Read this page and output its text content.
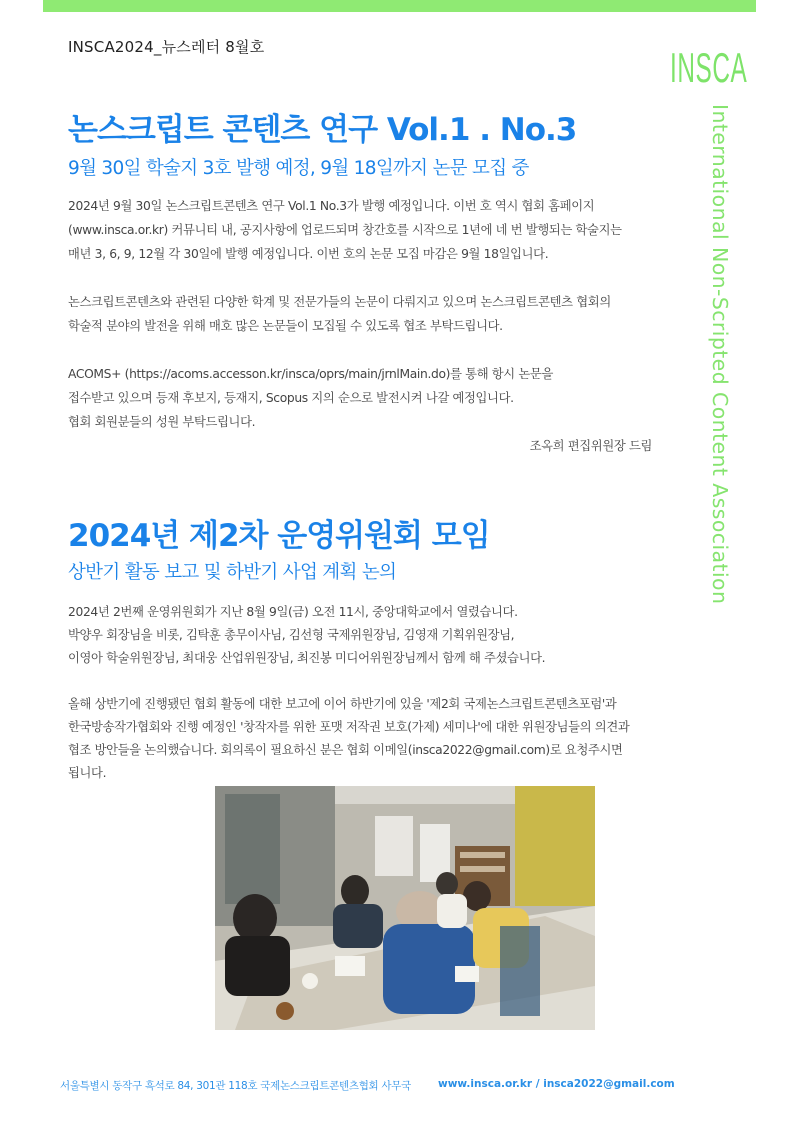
INSCA2024_뉴스레터 8월호	INSCA
International Non-Scripted Content Association
논스크립트 콘텐츠 연구 Vol.1 . No.3
9월 30일 학술지 3호 발행 예정, 9월 18일까지 논문 모집 중
2024년 9월 30일 논스크립트콘텐츠 연구 Vol.1 No.3가 발행 예정입니다. 이번 호 역시 협회 홈페이지
(www.insca.or.kr) 커뮤니티 내, 공지사항에 업로드되며 창간호를 시작으로 1년에 네 번 발행되는 학술지는
매년 3, 6, 9, 12월 각 30일에 발행 예정입니다. 이번 호의 논문 모집 마감은 9월 18일입니다.
논스크립트콘텐츠와 관련된 다양한 학계 및 전문가들의 논문이 다뤄지고 있으며 논스크립트콘텐츠 협회의
학술적 분야의 발전을 위해 매호 많은 논문들이 모집될 수 있도록 협조 부탁드립니다.
ACOMS+ (https://acoms.accesson.kr/insca/oprs/main/jrnlMain.do)를 통해 항시 논문을
접수받고 있으며 등재 후보지, 등재지, Scopus 지의 순으로 발전시켜 나갈 예정입니다.
협회 회원분들의 성원 부탁드립니다.
조옥희 편집위원장 드림
2024년 제2차 운영위원회 모임
상반기 활동 보고 및 하반기 사업 계획 논의
2024년 2번째 운영위원회가 지난 8월 9일(금) 오전 11시, 중앙대학교에서 열렸습니다.
박양우 회장님을 비롯, 김탁훈 총무이사님, 김선형 국제위원장님, 김영재 기획위원장님,
이영아 학술위원장님, 최대웅 산업위원장님, 최진봉 미디어위원장님께서 함께 해 주셨습니다.
올해 상반기에 진행됐던 협회 활동에 대한 보고에 이어 하반기에 있을 '제2회 국제논스크립트콘텐츠포럼'과
한국방송작가협회와 진행 예정인 '창작자를 위한 포맷 저작권 보호(가제) 세미나'에 대한 위원장님들의 의견과
협조 방안들을 논의했습니다. 회의록이 필요하신 분은 협회 이메일(insca2022@gmail.com)로 요청주시면
됩니다.
서울특별시 동작구 흑석로 84, 301관 118호 국제논스크립트콘텐츠협회 사무국	www.insca.or.kr / insca2022@gmail.com
